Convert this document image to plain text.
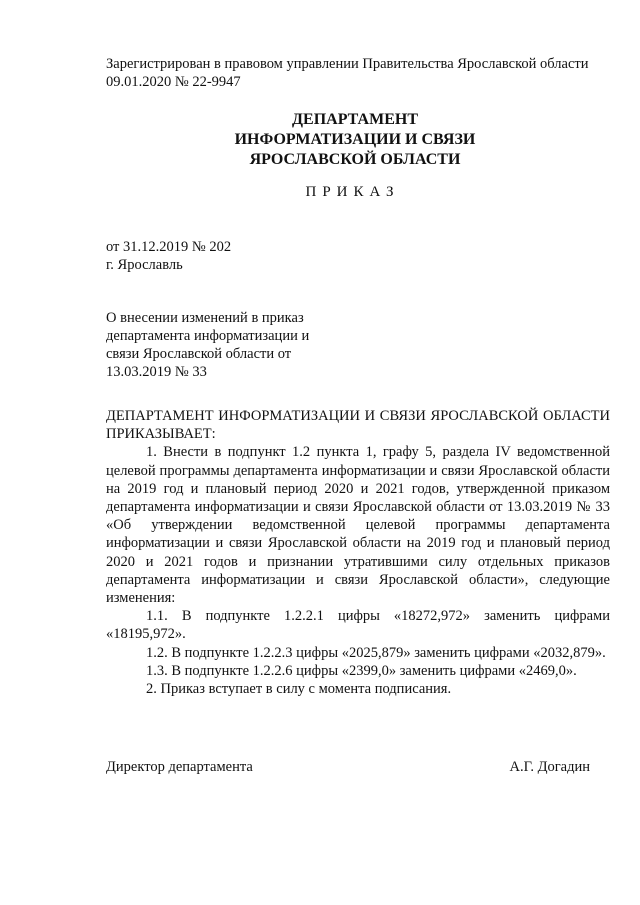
Зарегистрирован в правовом управлении Правительства Ярославской области
09.01.2020 № 22-9947
ДЕПАРТАМЕНТ
ИНФОРМАТИЗАЦИИ И СВЯЗИ
ЯРОСЛАВСКОЙ ОБЛАСТИ
ПРИКАЗ
от 31.12.2019 № 202
г. Ярославль
О внесении изменений в приказ
департамента информатизации и
связи Ярославской области от
13.03.2019 № 33

ДЕПАРТАМЕНТ ИНФОРМАТИЗАЦИИ И СВЯЗИ ЯРОСЛАВСКОЙ ОБЛАСТИ ПРИКАЗЫВАЕТ:

1. Внести в подпункт 1.2 пункта 1, графу 5, раздела IV ведомственной целевой программы департамента информатизации и связи Ярославской области на 2019 год и плановый период 2020 и 2021 годов, утвержденной приказом департамента информатизации и связи Ярославской области от 13.03.2019 № 33 «Об утверждении ведомственной целевой программы департамента информатизации и связи Ярославской области на 2019 год и плановый период 2020 и 2021 годов и признании утратившими силу отдельных приказов департамента информатизации и связи Ярославской области», следующие изменения:

1.1. В подпункте 1.2.2.1 цифры «18272,972» заменить цифрами «18195,972».

1.2. В подпункте 1.2.2.3 цифры «2025,879» заменить цифрами «2032,879».

1.3. В подпункте 1.2.2.6 цифры «2399,0» заменить цифрами «2469,0».

2. Приказ вступает в силу с момента подписания.

Директор департамента	А.Г. Догадин
